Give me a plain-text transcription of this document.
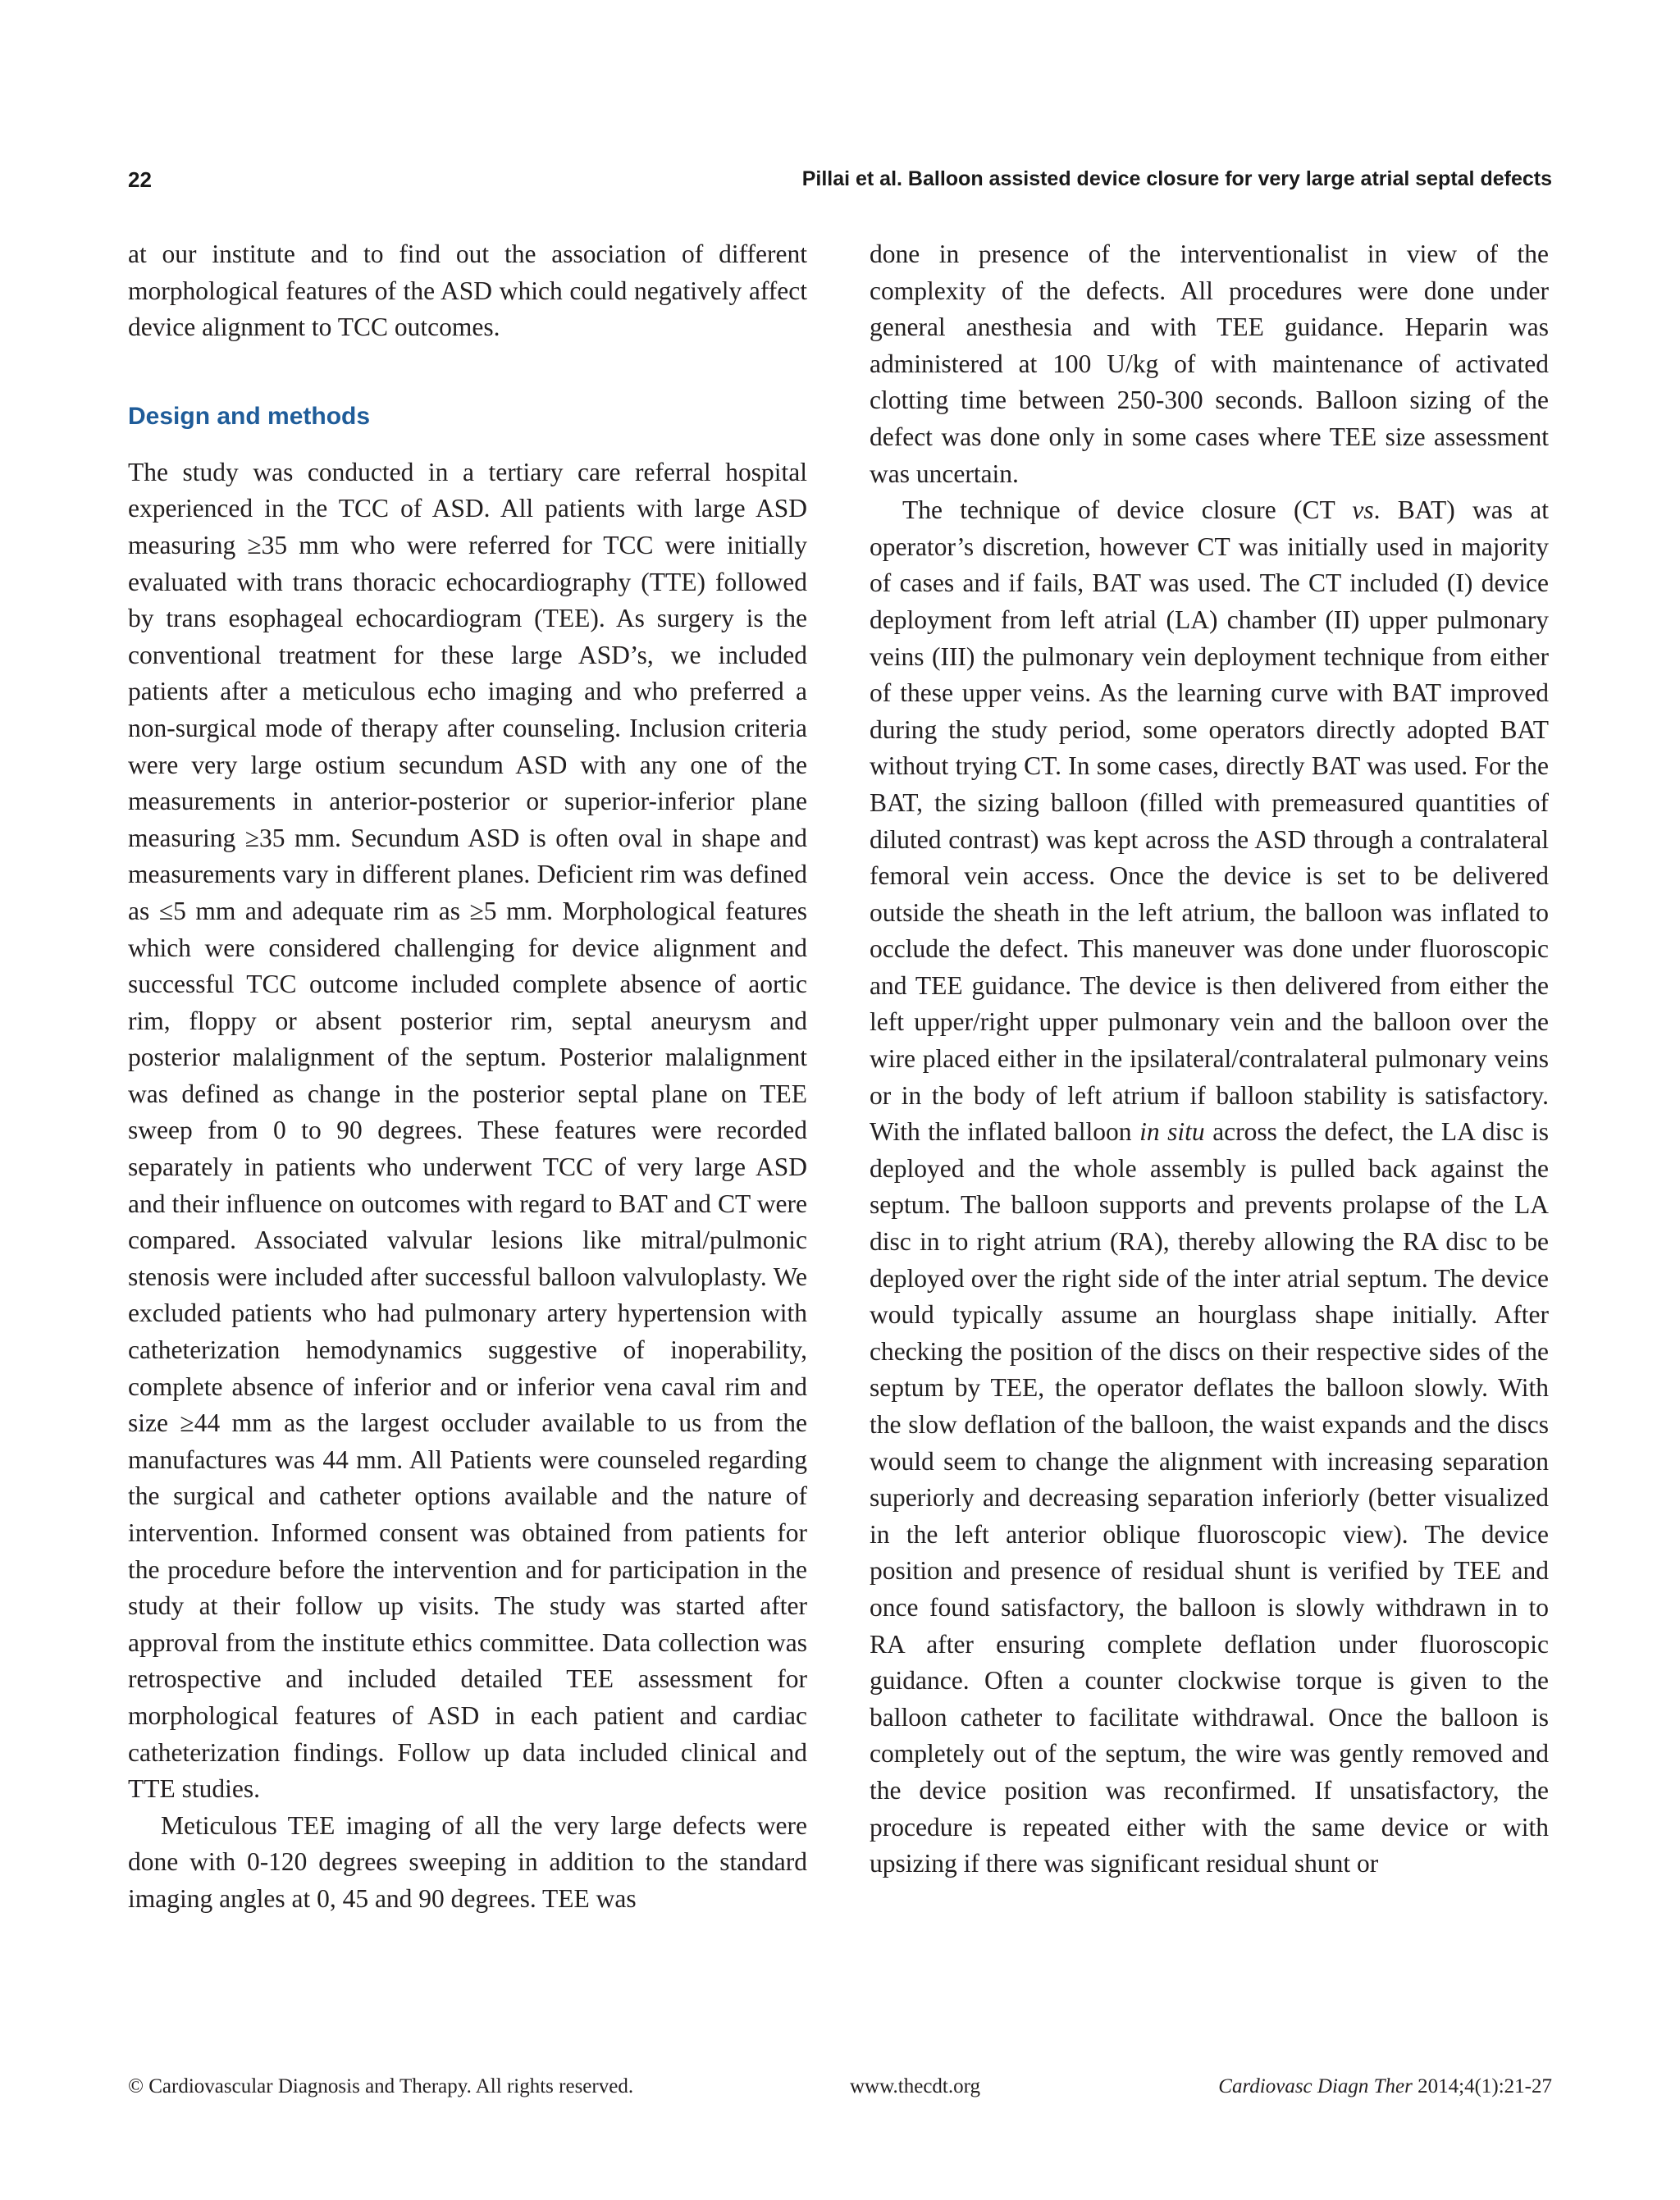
22	Pillai et al. Balloon assisted device closure for very large atrial septal defects

at our institute and to find out the association of different morphological features of the ASD which could negatively affect device alignment to TCC outcomes.

Design and methods

The study was conducted in a tertiary care referral hospital experienced in the TCC of ASD. All patients with large ASD measuring ≥35 mm who were referred for TCC were initially evaluated with trans thoracic echocardiography (TTE) followed by trans esophageal echocardiogram (TEE). As surgery is the conventional treatment for these large ASD’s, we included patients after a meticulous echo imaging and who preferred a non-surgical mode of therapy after counseling. Inclusion criteria were very large ostium secundum ASD with any one of the measurements in anterior-posterior or superior-inferior plane measuring ≥35 mm. Secundum ASD is often oval in shape and measurements vary in different planes. Deficient rim was defined as ≤5 mm and adequate rim as ≥5 mm. Morphological features which were considered challenging for device alignment and successful TCC outcome included complete absence of aortic rim, floppy or absent posterior rim, septal aneurysm and posterior malalignment of the septum. Posterior malalignment was defined as change in the posterior septal plane on TEE sweep from 0 to 90 degrees. These features were recorded separately in patients who underwent TCC of very large ASD and their influence on outcomes with regard to BAT and CT were compared. Associated valvular lesions like mitral/pulmonic stenosis were included after successful balloon valvuloplasty. We excluded patients who had pulmonary artery hypertension with catheterization hemodynamics suggestive of inoperability, complete absence of inferior and or inferior vena caval rim and size ≥44 mm as the largest occluder available to us from the manufactures was 44 mm. All Patients were counseled regarding the surgical and catheter options available and the nature of intervention. Informed consent was obtained from patients for the procedure before the intervention and for participation in the study at their follow up visits. The study was started after approval from the institute ethics committee. Data collection was retrospective and included detailed TEE assessment for morphological features of ASD in each patient and cardiac catheterization findings. Follow up data included clinical and TTE studies.

Meticulous TEE imaging of all the very large defects were done with 0-120 degrees sweeping in addition to the standard imaging angles at 0, 45 and 90 degrees. TEE was

done in presence of the interventionalist in view of the complexity of the defects. All procedures were done under general anesthesia and with TEE guidance. Heparin was administered at 100 U/kg of with maintenance of activated clotting time between 250-300 seconds. Balloon sizing of the defect was done only in some cases where TEE size assessment was uncertain.

The technique of device closure (CT vs. BAT) was at operator’s discretion, however CT was initially used in majority of cases and if fails, BAT was used. The CT included (I) device deployment from left atrial (LA) chamber (II) upper pulmonary veins (III) the pulmonary vein deployment technique from either of these upper veins. As the learning curve with BAT improved during the study period, some operators directly adopted BAT without trying CT. In some cases, directly BAT was used. For the BAT, the sizing balloon (filled with premeasured quantities of diluted contrast) was kept across the ASD through a contralateral femoral vein access. Once the device is set to be delivered outside the sheath in the left atrium, the balloon was inflated to occlude the defect. This maneuver was done under fluoroscopic and TEE guidance. The device is then delivered from either the left upper/right upper pulmonary vein and the balloon over the wire placed either in the ipsilateral/contralateral pulmonary veins or in the body of left atrium if balloon stability is satisfactory. With the inflated balloon in situ across the defect, the LA disc is deployed and the whole assembly is pulled back against the septum. The balloon supports and prevents prolapse of the LA disc in to right atrium (RA), thereby allowing the RA disc to be deployed over the right side of the inter atrial septum. The device would typically assume an hourglass shape initially. After checking the position of the discs on their respective sides of the septum by TEE, the operator deflates the balloon slowly. With the slow deflation of the balloon, the waist expands and the discs would seem to change the alignment with increasing separation superiorly and decreasing separation inferiorly (better visualized in the left anterior oblique fluoroscopic view). The device position and presence of residual shunt is verified by TEE and once found satisfactory, the balloon is slowly withdrawn in to RA after ensuring complete deflation under fluoroscopic guidance. Often a counter clockwise torque is given to the balloon catheter to facilitate withdrawal. Once the balloon is completely out of the septum, the wire was gently removed and the device position was reconfirmed. If unsatisfactory, the procedure is repeated either with the same device or with upsizing if there was significant residual shunt or

© Cardiovascular Diagnosis and Therapy. All rights reserved.	www.thecdt.org	Cardiovasc Diagn Ther 2014;4(1):21-27
